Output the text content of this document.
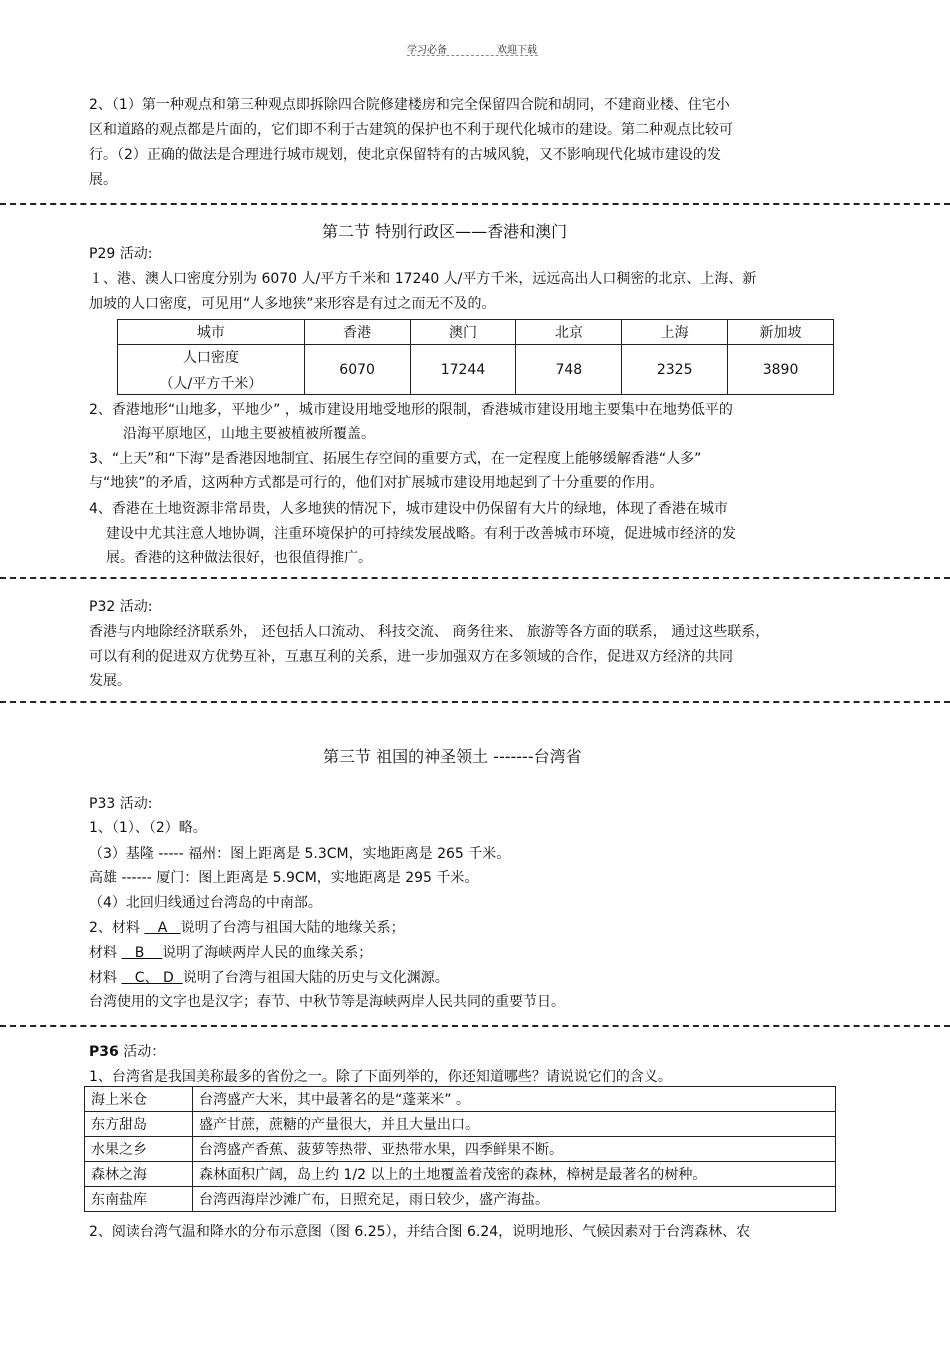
学习必备	欢迎下载
2、（1）第一种观点和第三种观点即拆除四合院修建楼房和完全保留四合院和胡同，不建商业楼、住宅小
区和道路的观点都是片面的，它们即不利于古建筑的保护也不利于现代化城市的建设。第二种观点比较可
行。（2）正确的做法是合理进行城市规划，使北京保留特有的古城风貌，又不影响现代化城市建设的发
展。
第二节 特别行政区——香港和澳门
P29 活动:
１、港、澳人口密度分别为 6070 人/平方千米和 17240 人/平方千米，远远高出人口稠密的北京、上海、新
加坡的人口密度，可见用“人多地狭”来形容是有过之而无不及的。
城市	香港	澳门	北京	上海	新加坡

人口密度
（人/平方千米）	6070	17244	748	2325	3890
2、香港地形“山地多，平地少” ，城市建设用地受地形的限制，香港城市建设用地主要集中在地势低平的
沿海平原地区，山地主要被植被所覆盖。
3、“上天”和“下海”是香港因地制宜、拓展生存空间的重要方式，在一定程度上能够缓解香港“人多”
与“地狭”的矛盾，这两种方式都是可行的，他们对扩展城市建设用地起到了十分重要的作用。
4、香港在土地资源非常昂贵，人多地狭的情况下，城市建设中仍保留有大片的绿地，体现了香港在城市
建设中尤其注意人地协调，注重环境保护的可持续发展战略。有利于改善城市环境，促进城市经济的发
展。香港的这种做法很好，也很值得推广。
P32 活动:
香港与内地除经济联系外， 还包括人口流动、 科技交流、 商务往来、 旅游等各方面的联系， 通过这些联系，
可以有利的促进双方优势互补，互惠互利的关系，进一步加强双方在多领域的合作，促进双方经济的共同
发展。
第三节 祖国的神圣领土 -------台湾省
P33 活动:
1、（1）、（2）略。
（3）基隆 ----- 福州：图上距离是 5.3CM，实地距离是 265 千米。
高雄 ------ 厦门：图上距离是 5.9CM，实地距离是 295 千米。
（4）北回归线通过台湾岛的中南部。
2、材料    A   说明了台湾与祖国大陆的地缘关系；
材料    B    说明了海峡两岸人民的血缘关系；
材料    C、 D  说明了台湾与祖国大陆的历史与文化渊源。
台湾使用的文字也是汉字；春节、中秋节等是海峡两岸人民共同的重要节日。
P36 活动：
1、台湾省是我国美称最多的省份之一。除了下面列举的，你还知道哪些？请说说它们的含义。
海上米仓	台湾盛产大米，其中最著名的是“蓬莱米” 。
东方甜岛	盛产甘蔗，蔗糖的产量很大，并且大量出口。
水果之乡	台湾盛产香蕉、菠萝等热带、亚热带水果，四季鲜果不断。
森林之海	森林面积广阔，岛上约 1/2 以上的土地覆盖着茂密的森林，樟树是最著名的树种。
东南盐库	台湾西海岸沙滩广布，日照充足，雨日较少，盛产海盐。
2、阅读台湾气温和降水的分布示意图（图 6.25），并结合图 6.24，说明地形、气候因素对于台湾森林、农
